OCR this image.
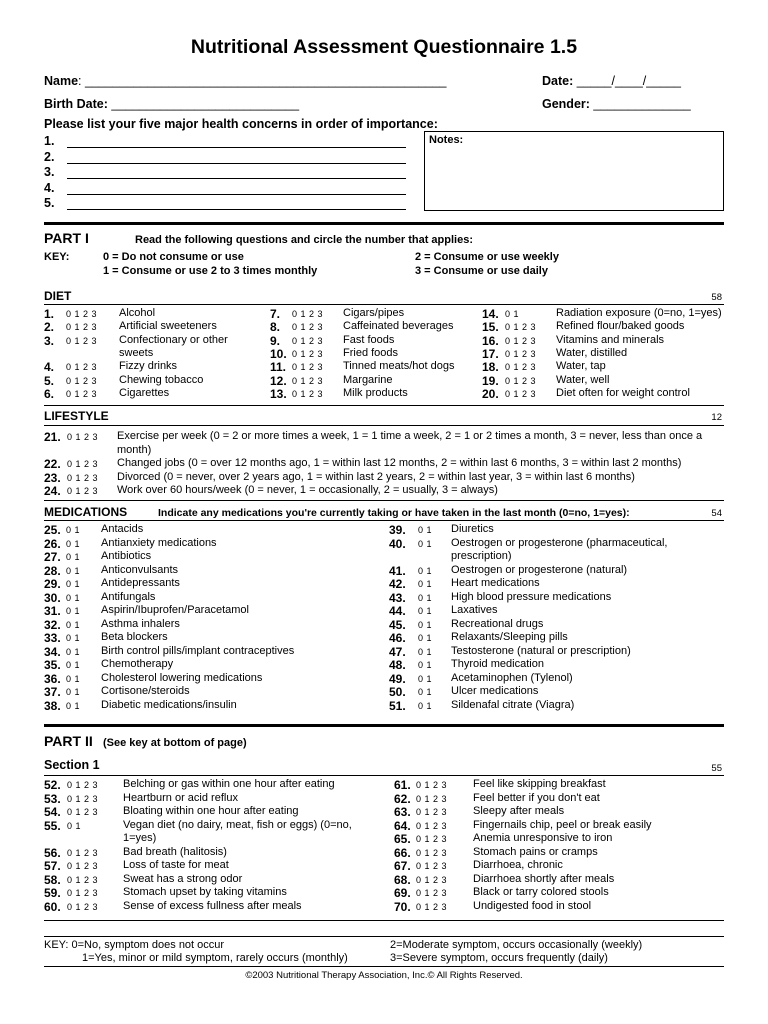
Nutritional Assessment Questionnaire 1.5
Name: ____________________________________________________	Date: _____/____/_____
Birth Date: ___________________________	Gender: ______________
Please list your five major health concerns in order of importance:
1.
2.
3.
4.
5.
Notes:
PART I	Read the following questions and circle the number that applies:
KEY:	0 = Do not consume or use
1 = Consume or use 2 to 3 times monthly
2 = Consume or use weekly
3 = Consume or use daily
DIET	58
1. 0 1 2 3 Alcohol
2. 0 1 2 3 Artificial sweeteners
3. 0 1 2 3 Confectionary or other
sweets
4. 0 1 2 3 Fizzy drinks
5. 0 1 2 3 Chewing tobacco
6. 0 1 2 3 Cigarettes
7. 0 1 2 3 Cigars/pipes
8. 0 1 2 3 Caffeinated beverages
9. 0 1 2 3 Fast foods
10. 0 1 2 3 Fried foods
11. 0 1 2 3 Tinned meats/hot dogs
12. 0 1 2 3 Margarine
13. 0 1 2 3 Milk products
14. 0 1	Radiation exposure (0=no, 1=yes)
15. 0 1 2 3 Refined flour/baked goods
16. 0 1 2 3 Vitamins and minerals
17. 0 1 2 3 Water, distilled
18. 0 1 2 3 Water, tap
19. 0 1 2 3 Water, well
20. 0 1 2 3 Diet often for weight control
LIFESTYLE	12
21. 0 1 2 3 Exercise per week (0 = 2 or more times a week, 1 = 1 time a week, 2 = 1 or 2 times a month, 3 = never, less than once a
month)
22. 0 1 2 3 Changed jobs (0 = over 12 months ago, 1 = within last 12 months, 2 = within last 6 months, 3 = within last 2 months)
23. 0 1 2 3 Divorced (0 = never, over 2 years ago, 1 = within last 2 years, 2 = within last year, 3 = within last 6 months)
24. 0 1 2 3 Work over 60 hours/week (0 = never, 1 = occasionally, 2 = usually, 3 = always)
MEDICATIONS	Indicate any medications you're currently taking or have taken in the last month (0=no, 1=yes):	54
25. 0 1 Antacids
26. 0 1 Antianxiety medications
27. 0 1 Antibiotics
28. 0 1 Anticonvulsants
29. 0 1 Antidepressants
30. 0 1 Antifungals
31. 0 1 Aspirin/Ibuprofen/Paracetamol
32. 0 1 Asthma inhalers
33. 0 1 Beta blockers
34. 0 1 Birth control pills/implant contraceptives
35. 0 1 Chemotherapy
36. 0 1 Cholesterol lowering medications
37. 0 1 Cortisone/steroids
38. 0 1 Diabetic medications/insulin
39. 0 1 Diuretics
40. 0 1 Oestrogen or progesterone (pharmaceutical,
prescription)
41. 0 1 Oestrogen or progesterone (natural)
42. 0 1 Heart medications
43. 0 1 High blood pressure medications
44. 0 1 Laxatives
45. 0 1 Recreational drugs
46. 0 1 Relaxants/Sleeping pills
47. 0 1 Testosterone (natural or prescription)
48. 0 1 Thyroid medication
49. 0 1 Acetaminophen (Tylenol)
50. 0 1 Ulcer medications
51. 0 1 Sildenafal citrate (Viagra)
PART II (See key at bottom of page)
Section 1	55
52. 0 1 2 3 Belching or gas within one hour after eating
53. 0 1 2 3 Heartburn or acid reflux
54. 0 1 2 3 Bloating within one hour after eating
55. 0 1	Vegan diet (no dairy, meat, fish or eggs) (0=no,
1=yes)
56. 0 1 2 3 Bad breath (halitosis)
57. 0 1 2 3 Loss of taste for meat
58. 0 1 2 3 Sweat has a strong odor
59. 0 1 2 3 Stomach upset by taking vitamins
60. 0 1 2 3 Sense of excess fullness after meals
61. 0 1 2 3 Feel like skipping breakfast
62. 0 1 2 3 Feel better if you don't eat
63. 0 1 2 3 Sleepy after meals
64. 0 1 2 3 Fingernails chip, peel or break easily
65. 0 1 2 3 Anemia unresponsive to iron
66. 0 1 2 3 Stomach pains or cramps
67. 0 1 2 3 Diarrhoea, chronic
68. 0 1 2 3 Diarrhoea shortly after meals
69. 0 1 2 3 Black or tarry colored stools
70. 0 1 2 3 Undigested food in stool
KEY: 0=No, symptom does not occur
1=Yes, minor or mild symptom, rarely occurs (monthly)
2=Moderate symptom, occurs occasionally (weekly)
3=Severe symptom, occurs frequently (daily)
©2003 Nutritional Therapy Association, Inc.© All Rights Reserved.
